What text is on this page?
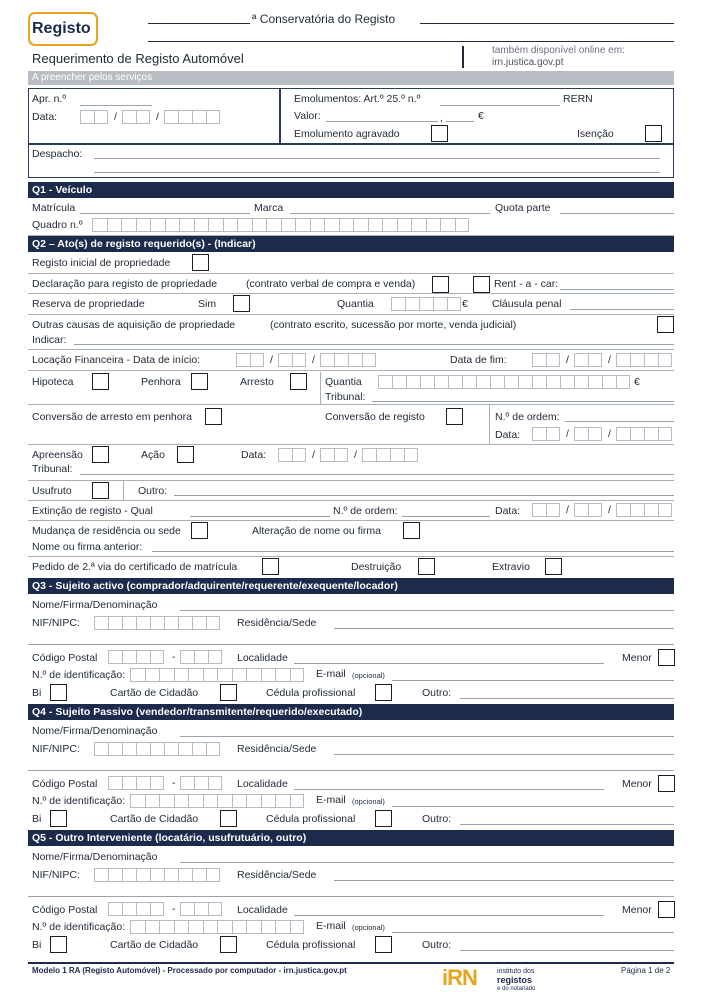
Registo
ª Conservatória do Registo
Requerimento de Registo Automóvel
também disponível online em:
irn.justica.gov.pt
A preencher pelos serviços
Apr. n.º
Data:	/	/
Emolumentos: Art.º 25.º n.º	RERN
Valor:	,	€
Emolumento agravado	Isenção
Despacho:
Q1 - Veículo
Matrícula	Marca	Quota parte
Quadro n.º
Q2 – Ato(s) de registo requerido(s) - (Indicar)
Registo inicial de propriedade
Declaração para registo de propriedade	(contrato verbal de compra e venda)	Rent - a - car:
Reserva de propriedade	Sim	Quantia	€ Cláusula penal
Outras causas de aquisição de propriedade	(contrato escrito, sucessão por morte, venda judicial)
Indicar:
Locação Financeira - Data de início:	/	/	Data de fim:	/	/
Hipoteca	Penhora	Arresto	Quantia	€
Tribunal:
Conversão de arresto em penhora	Conversão de registo	N.º de ordem:
Data:	/	/
Apreensão	Ação	Data:	/	/
Tribunal:
Usufruto	Outro:
Extinção de registo - Qual	N.º de ordem:	Data:	/	/
Mudança de residência ou sede	Alteração de nome ou firma
Nome ou firma anterior:
Pedido de 2.ª via do certificado de matrícula	Destruição	Extravio
Q3 - Sujeito activo (comprador/adquirente/requerente/exequente/locador)
Nome/Firma/Denominação
NIF/NIPC:	Residência/Sede
Código Postal	-	Localidade	Menor
N.º de identificação:	E-mail (opcional)
Bi	Cartão de Cidadão	Cédula profissional	Outro:
Q4 - Sujeito Passivo (vendedor/transmitente/requerido/executado)
Nome/Firma/Denominação
NIF/NIPC:	Residência/Sede
Código Postal	-	Localidade	Menor
N.º de identificação:	E-mail (opcional)
Bi	Cartão de Cidadão	Cédula profissional	Outro:
Q5 - Outro Interveniente (locatário, usufrutuário, outro)
Nome/Firma/Denominação
NIF/NIPC:	Residência/Sede
Código Postal	-	Localidade	Menor
N.º de identificação:	E-mail (opcional)
Bi	Cartão de Cidadão	Cédula profissional	Outro:
Modelo 1 RA (Registo Automóvel) - Processado por computador - irn.justica.gov.pt	iRN	instituto dos
registos
e do notariado
Página 1 de 2
